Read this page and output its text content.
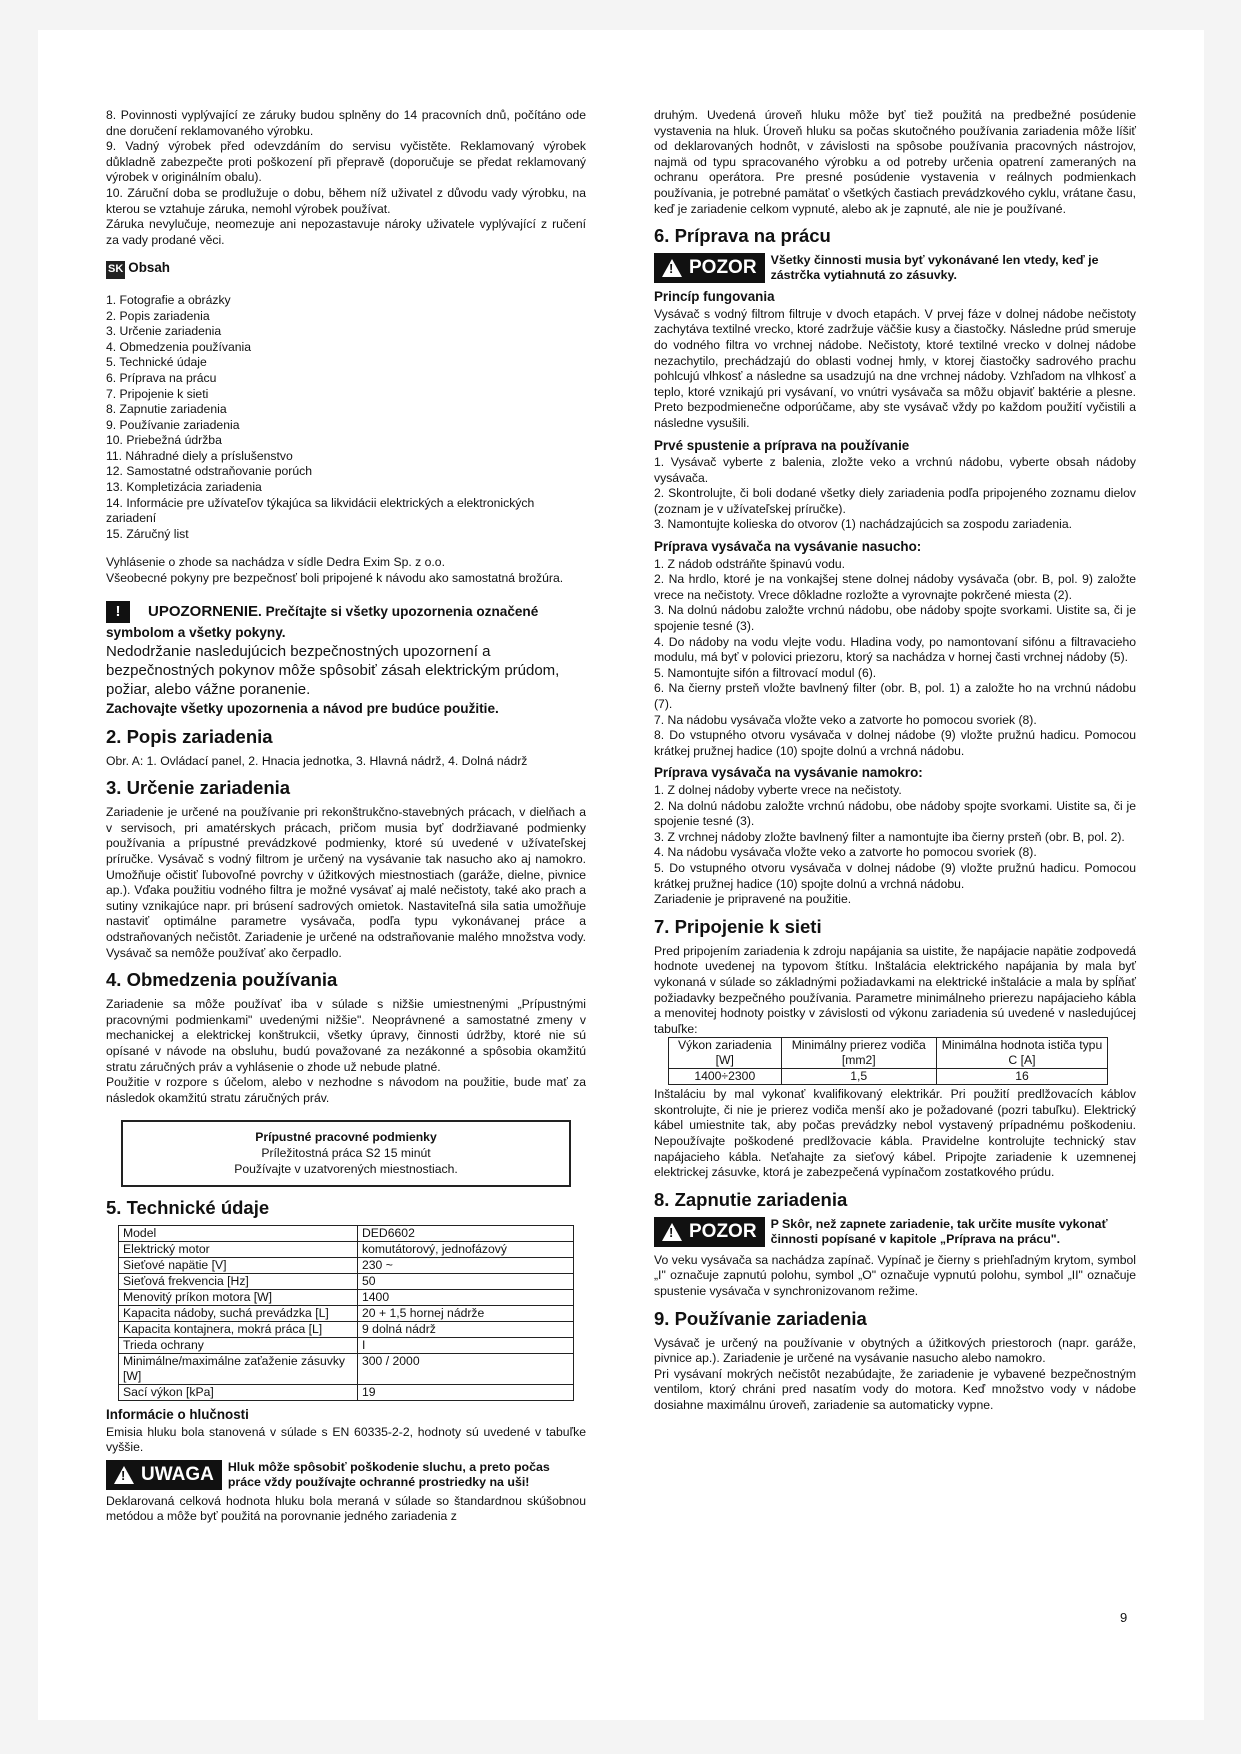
8. Povinnosti vyplývající ze záruky budou splněny do 14 pracovních dnů, počítáno ode dne doručení reklamovaného výrobku.

9. Vadný výrobek před odevzdáním do servisu vyčistěte. Reklamovaný výrobek důkladně zabezpečte proti poškození při přepravě (doporučuje se předat reklamovaný výrobek v originálním obalu).

10. Záruční doba se prodlužuje o dobu, během níž uživatel z důvodu vady výrobku, na kterou se vztahuje záruka, nemohl výrobek používat.

Záruka nevylučuje, neomezuje ani nepozastavuje nároky uživatele vyplývající z ručení za vady prodané věci.

SK Obsah

1. Fotografie a obrázky

2. Popis zariadenia

3. Určenie zariadenia

4. Obmedzenia používania

5. Technické údaje

6. Príprava na prácu

7. Pripojenie k sieti

8. Zapnutie zariadenia

9. Používanie zariadenia

10. Priebežná údržba

11. Náhradné diely a príslušenstvo

12. Samostatné odstraňovanie porúch

13. Kompletizácia zariadenia

14. Informácie pre užívateľov týkajúca sa likvidácii elektrických a elektronických zariadení

15. Záručný list

Vyhlásenie o zhode sa nachádza v sídle Dedra Exim Sp. z o.o.

Všeobecné pokyny pre bezpečnosť boli pripojené k návodu ako samostatná brožúra.

! UPOZORNENIE. Prečítajte si všetky upozornenia označené symbolom a všetky pokyny.

Nedodržanie nasledujúcich bezpečnostných upozornení a bezpečnostných pokynov môže spôsobiť zásah elektrickým prúdom, požiar, alebo vážne poranenie.

Zachovajte všetky upozornenia a návod pre budúce použitie.

2. Popis zariadenia

Obr. A: 1. Ovládací panel, 2. Hnacia jednotka, 3. Hlavná nádrž, 4. Dolná nádrž

3. Určenie zariadenia

Zariadenie je určené na používanie pri rekonštrukčno-stavebných prácach, v dielňach a v servisoch, pri amatérskych prácach, pričom musia byť dodržiavané podmienky používania a prípustné prevádzkové podmienky, ktoré sú uvedené v užívateľskej príručke. Vysávač s vodný filtrom je určený na vysávanie tak nasucho ako aj namokro. Umožňuje očistiť ľubovoľné povrchy v úžitkových miestnostiach (garáže, dielne, pivnice ap.). Vďaka použitiu vodného filtra je možné vysávať aj malé nečistoty, také ako prach a sutiny vznikajúce napr. pri brúsení sadrových omietok. Nastaviteľná sila satia umožňuje nastaviť optimálne parametre vysávača, podľa typu vykonávanej práce a odstraňovaných nečistôt. Zariadenie je určené na odstraňovanie malého množstva vody. Vysávač sa nemôže používať ako čerpadlo.

4. Obmedzenia používania

Zariadenie sa môže používať iba v súlade s nižšie umiestnenými „Prípustnými pracovnými podmienkami" uvedenými nižšie". Neoprávnené a samostatné zmeny v mechanickej a elektrickej konštrukcii, všetky úpravy, činnosti údržby, ktoré nie sú opísané v návode na obsluhu, budú považované za nezákonné a spôsobia okamžitú stratu záručných práv a vyhlásenie o zhode už nebude platné.

Použitie v rozpore s účelom, alebo v nezhodne s návodom na použitie, bude mať za následok okamžitú stratu záručných práv.

Prípustné pracovné podmienky
Príležitostná práca S2 15 minút
Používajte v uzatvorených miestnostiach.
5. Technické údaje
Model	DED6602
Elektrický motor	komutátorový, jednofázový
Sieťové napätie [V]	230 ~
Sieťová frekvencia [Hz]	50
Menovitý príkon motora [W]	1400
Kapacita nádoby, suchá prevádzka [L]	20 + 1,5 hornej nádrže
Kapacita kontajnera, mokrá práca [L]	9 dolná nádrž
Trieda ochrany	I
Minimálne/maximálne zaťaženie zásuvky [W]	300 / 2000
Sací výkon [kPa]	19
Informácie o hlučnosti

Emisia hluku bola stanovená v súlade s EN 60335-2-2, hodnoty sú uvedené v tabuľke vyššie.

! UWAGA Hluk môže spôsobiť poškodenie sluchu, a preto počas práce vždy používajte ochranné prostriedky na uši!

Deklarovaná celková hodnota hluku bola meraná v súlade so štandardnou skúšobnou metódou a môže byť použitá na porovnanie jedného zariadenia z

druhým. Uvedená úroveň hluku môže byť tiež použitá na predbežné posúdenie vystavenia na hluk. Úroveň hluku sa počas skutočného používania zariadenia môže líšiť od deklarovaných hodnôt, v závislosti na spôsobe používania pracovných nástrojov, najmä od typu spracovaného výrobku a od potreby určenia opatrení zameraných na ochranu operátora. Pre presné posúdenie vystavenia v reálnych podmienkach používania, je potrebné pamätať o všetkých častiach prevádzkového cyklu, vrátane času, keď je zariadenie celkom vypnuté, alebo ak je zapnuté, ale nie je používané.

6. Príprava na prácu
! POZOR Všetky činnosti musia byť vykonávané len vtedy, keď je zástrčka vytiahnutá zo zásuvky.
Princíp fungovania

Vysávač s vodný filtrom filtruje v dvoch etapách. V prvej fáze v dolnej nádobe nečistoty zachytáva textilné vrecko, ktoré zadržuje väčšie kusy a čiastočky. Následne prúd smeruje do vodného filtra vo vrchnej nádobe. Nečistoty, ktoré textilné vrecko v dolnej nádobe nezachytilo, prechádzajú do oblasti vodnej hmly, v ktorej čiastočky sadrového prachu pohlcujú vlhkosť a následne sa usadzujú na dne vrchnej nádoby. Vzhľadom na vlhkosť a teplo, ktoré vznikajú pri vysávaní, vo vnútri vysávača sa môžu objaviť baktérie a plesne. Preto bezpodmienečne odporúčame, aby ste vysávač vždy po každom použití vyčistili a následne vysušili.

Prvé spustenie a príprava na používanie

1. Vysávač vyberte z balenia, zložte veko a vrchnú nádobu, vyberte obsah nádoby vysávača.

2. Skontrolujte, či boli dodané všetky diely zariadenia podľa pripojeného zoznamu dielov (zoznam je v užívateľskej príručke).

3. Namontujte kolieska do otvorov (1) nachádzajúcich sa zospodu zariadenia.

Príprava vysávača na vysávanie nasucho:

1. Z nádob odstráňte špinavú vodu.

2. Na hrdlo, ktoré je na vonkajšej stene dolnej nádoby vysávača (obr. B, pol. 9) založte vrece na nečistoty. Vrece dôkladne rozložte a vyrovnajte pokrčené miesta (2).

3. Na dolnú nádobu založte vrchnú nádobu, obe nádoby spojte svorkami. Uistite sa, či je spojenie tesné (3).

4. Do nádoby na vodu vlejte vodu. Hladina vody, po namontovaní sifónu a filtravacieho modulu, má byť v polovici priezoru, ktorý sa nachádza v hornej časti vrchnej nádoby (5).

5. Namontujte sifón a filtrovací modul (6).

6. Na čierny prsteň vložte bavlnený filter (obr. B, pol. 1) a založte ho na vrchnú nádobu (7).

7. Na nádobu vysávača vložte veko a zatvorte ho pomocou svoriek (8).

8. Do vstupného otvoru vysávača v dolnej nádobe (9) vložte pružnú hadicu. Pomocou krátkej pružnej hadice (10) spojte dolnú a vrchná nádobu.

Príprava vysávača na vysávanie namokro:

1. Z dolnej nádoby vyberte vrece na nečistoty.

2. Na dolnú nádobu založte vrchnú nádobu, obe nádoby spojte svorkami. Uistite sa, či je spojenie tesné (3).

3. Z vrchnej nádoby zložte bavlnený filter a namontujte iba čierny prsteň (obr. B, pol. 2).

4. Na nádobu vysávača vložte veko a zatvorte ho pomocou svoriek (8).

5. Do vstupného otvoru vysávača v dolnej nádobe (9) vložte pružnú hadicu. Pomocou krátkej pružnej hadice (10) spojte dolnú a vrchná nádobu.

Zariadenie je pripravené na použitie.

7. Pripojenie k sieti

Pred pripojením zariadenia k zdroju napájania sa uistite, že napájacie napätie zodpovedá hodnote uvedenej na typovom štítku. Inštalácia elektrického napájania by mala byť vykonaná v súlade so základnými požiadavkami na elektrické inštalácie a mala by spĺňať požiadavky bezpečného používania. Parametre minimálneho prierezu napájacieho kábla a menovitej hodnoty poistky v závislosti od výkonu zariadenia sú uvedené v nasledujúcej tabuľke:

Výkon zariadenia [W]	Minimálny prierez vodiča [mm2]	Minimálna hodnota ističa typu C [A]
1400÷2300	1,5	16

Inštaláciu by mal vykonať kvalifikovaný elektrikár. Pri použití predlžovacích káblov skontrolujte, či nie je prierez vodiča menší ako je požadované (pozri tabuľku). Elektrický kábel umiestnite tak, aby počas prevádzky nebol vystavený prípadnému poškodeniu. Nepoužívajte poškodené predlžovacie kábla. Pravidelne kontrolujte technický stav napájacieho kábla. Neťahajte za sieťový kábel. Pripojte zariadenie k uzemnenej elektrickej zásuvke, ktorá je zabezpečená vypínačom zostatkového prúdu.

8. Zapnutie zariadenia
! POZOR P Skôr, než zapnete zariadenie, tak určite musíte vykonať činnosti popísané v kapitole „Príprava na prácu".

Vo veku vysávača sa nachádza zapínač. Vypínač je čierny s priehľadným krytom, symbol „I" označuje zapnutú polohu, symbol „O" označuje vypnutú polohu, symbol „II" označuje spustenie vysávača v synchronizovanom režime.

9. Používanie zariadenia

Vysávač je určený na používanie v obytných a úžitkových priestoroch (napr. garáže, pivnice ap.). Zariadenie je určené na vysávanie nasucho alebo namokro.

Pri vysávaní mokrých nečistôt nezabúdajte, že zariadenie je vybavené bezpečnostným ventilom, ktorý chráni pred nasatím vody do motora. Keď množstvo vody v nádobe dosiahne maximálnu úroveň, zariadenie sa automaticky vypne.

9
